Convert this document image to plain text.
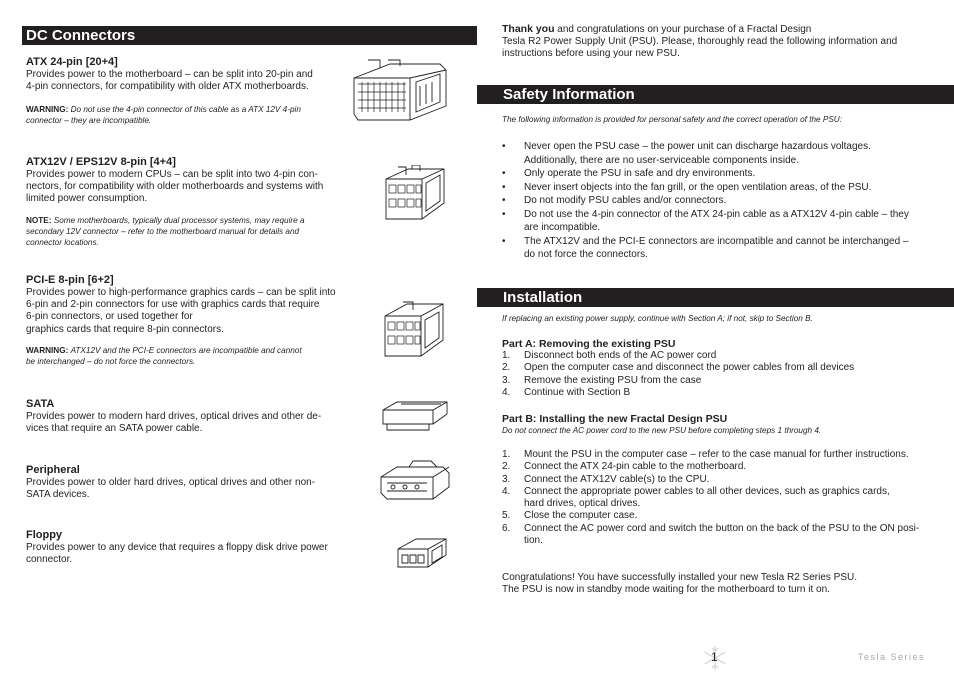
DC Connectors
ATX 24-pin [20+4]
Provides power to the motherboard – can be split into 20-pin and
4-pin connectors, for compatibility with older ATX motherboards.
WARNING: Do not use the 4-pin connector of this cable as a ATX 12V 4-pin
connector – they are incompatible.
ATX12V / EPS12V 8-pin [4+4]
Provides power to modern CPUs – can be split into two 4-pin con-
nectors, for compatibility with older motherboards and systems with
limited power consumption.
NOTE: Some motherboards, typically dual processor systems, may require a
secondary 12V connector – refer to the motherboard manual for details and
connector locations.
PCI-E 8-pin [6+2]
Provides power to high-performance graphics cards – can be split into
6-pin and 2-pin connectors for use with graphics cards that require
6-pin connectors, or used together for
graphics cards that require 8-pin connectors.
WARNING: ATX12V and the PCI-E connectors are incompatible and cannot
be interchanged – do not force the connectors.
SATA
Provides power to modern hard drives, optical drives and other de-
vices that require an SATA power cable.
Peripheral
Provides power to older hard drives, optical drives and other non-
SATA devices.
Floppy
Provides power to any device that requires a floppy disk drive power
connector.
Thank you and congratulations on your purchase of a Fractal Design
Tesla R2 Power Supply Unit (PSU). Please, thoroughly read the following information and
instructions before using your new PSU.
Safety Information
The following information is provided for personal safety and the correct operation of the PSU:
• Never open the PSU case – the power unit can discharge hazardous voltages.
Additionally, there are no user-serviceable components inside.
• Only operate the PSU in safe and dry environments.
• Never insert objects into the fan grill, or the open ventilation areas, of the PSU.
• Do not modify PSU cables and/or connectors.
• Do not use the 4-pin connector of the ATX 24-pin cable as a ATX12V 4-pin cable – they
are incompatible.
• The ATX12V and the PCI-E connectors are incompatible and cannot be interchanged –
do not force the connectors.
Installation
If replacing an existing power supply, continue with Section A; if not, skip to Section B.
Part A: Removing the existing PSU
1. Disconnect both ends of the AC power cord
2. Open the computer case and disconnect the power cables from all devices
3. Remove the existing PSU from the case
4. Continue with Section B
Part B: Installing the new Fractal Design PSU
Do not connect the AC power cord to the new PSU before completing steps 1 through 4.
1. Mount the PSU in the computer case – refer to the case manual for further instructions.
2. Connect the ATX 24-pin cable to the motherboard.
3. Connect the ATX12V cable(s) to the CPU.
4. Connect the appropriate power cables to all other devices, such as graphics cards,
hard drives, optical drives.
5. Close the computer case.
6. Connect the AC power cord and switch the button on the back of the PSU to the ON posi-
tion.
Congratulations! You have successfully installed your new Tesla R2 Series PSU.
The PSU is now in standby mode waiting for the motherboard to turn it on.
1	Tesla Series
